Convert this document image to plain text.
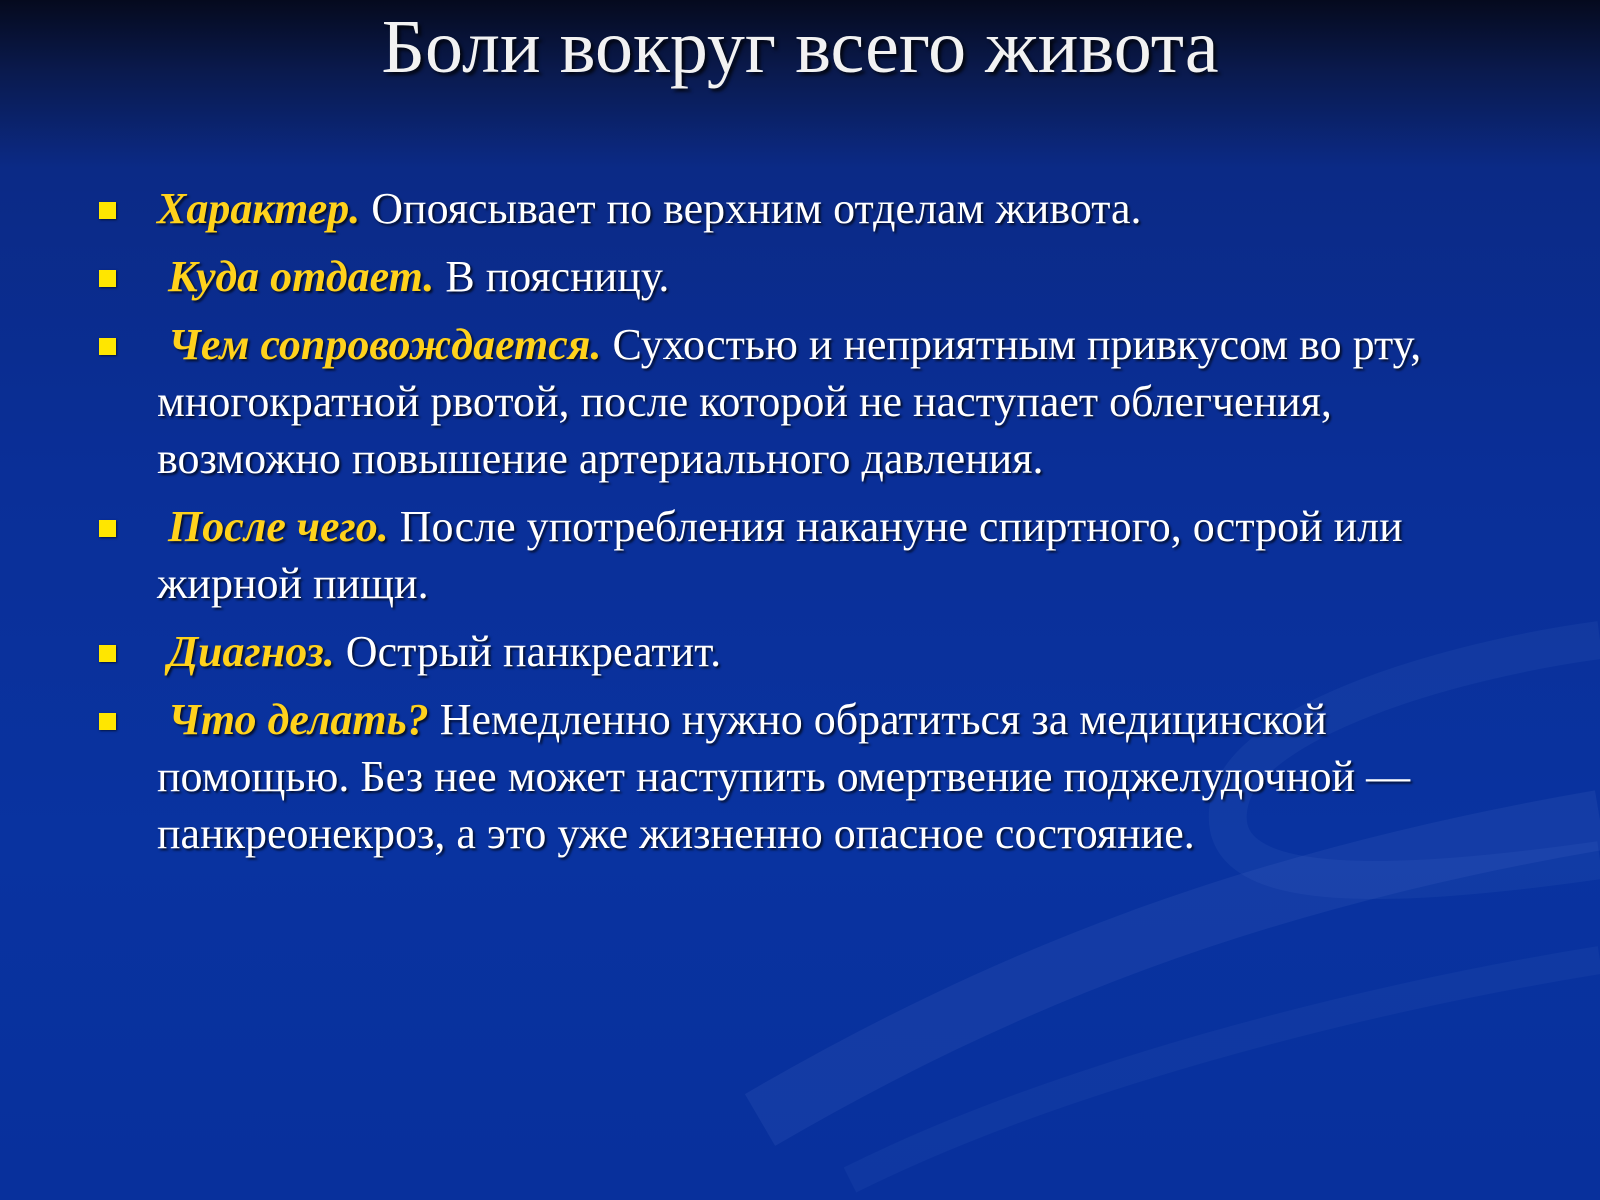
Боли вокруг всего живота
Характер. Опоясывает по верхним отделам живота.
Куда отдает. В поясницу.
Чем сопровождается. Сухостью и неприятным привкусом во рту, многократной рвотой, после которой не наступает облегчения, возможно повышение артериального давления.
После чего. После употребления накануне спиртного, острой или жирной пищи.
Диагноз. Острый панкреатит.
Что делать? Немедленно нужно обратиться за медицинской помощью. Без нее может наступить омертвение поджелудочной — панкреонекроз, а это уже жизненно опасное состояние.
